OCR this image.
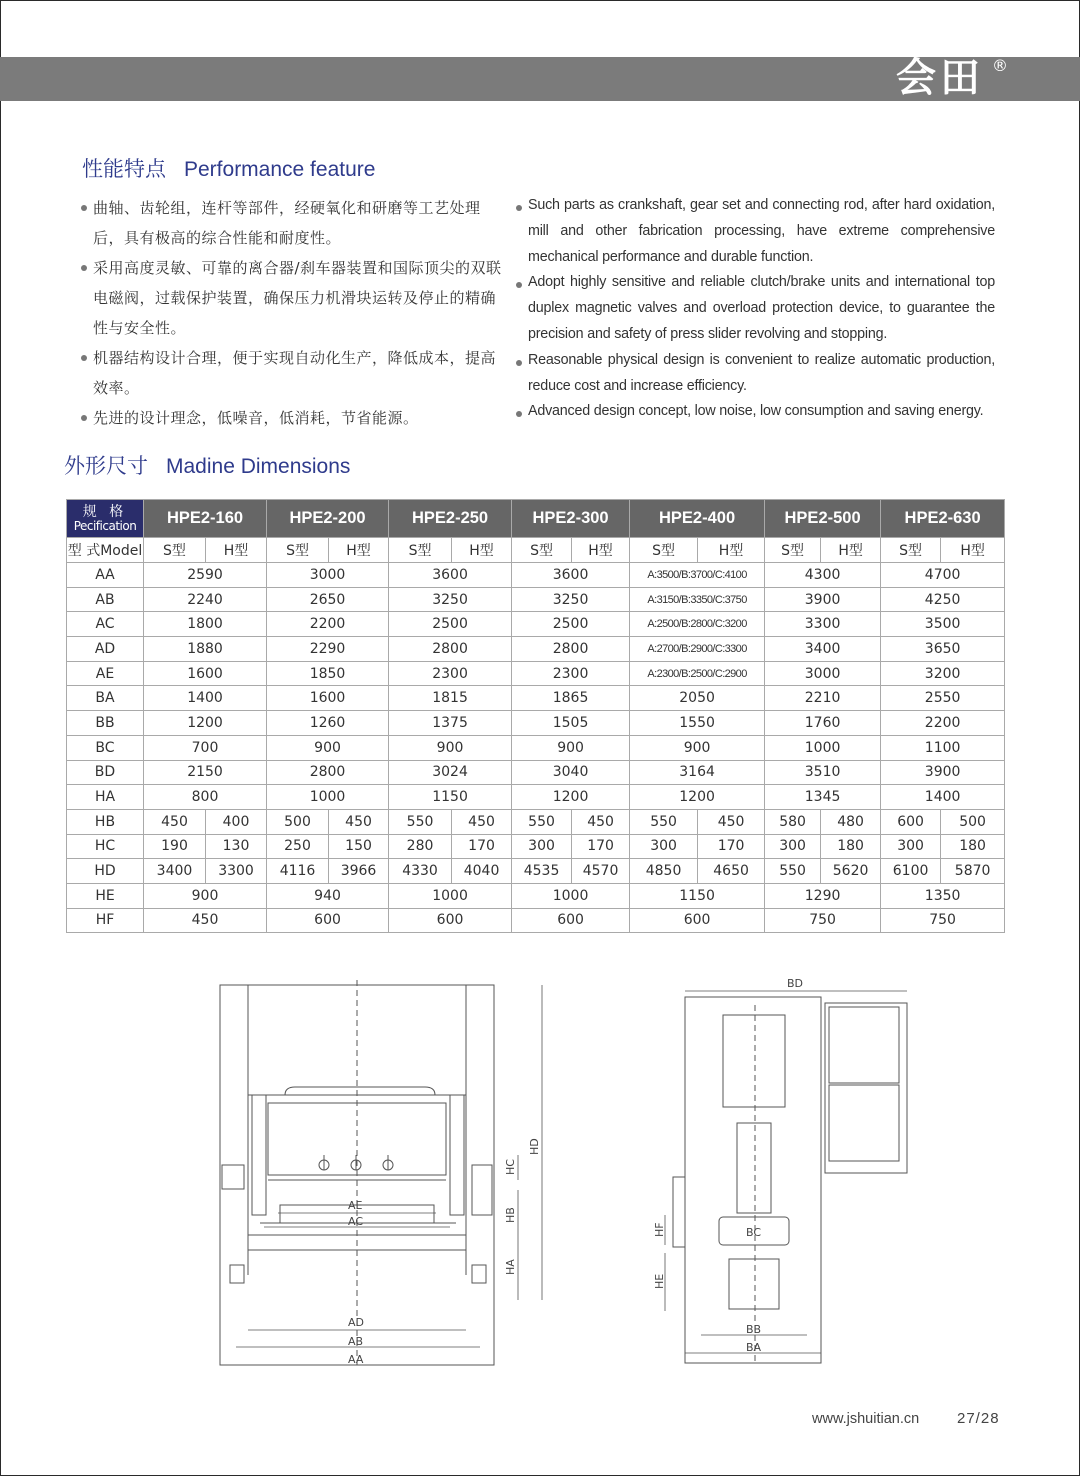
会田 ®
性能特点 Performance feature
曲轴、齿轮组，连杆等部件，经硬氧化和研磨等工艺处理后，具有极高的综合性能和耐度性。
采用高度灵敏、可靠的离合器/刹车器装置和国际顶尖的双联电磁阀，过载保护装置，确保压力机滑块运转及停止的精确性与安全性。
机器结构设计合理，便于实现自动化生产，降低成本，提高效率。
先进的设计理念，低噪音，低消耗，节省能源。
Such parts as crankshaft, gear set and connecting rod, after hard oxidation, mill and other fabrication processing, have extreme comprehensive mechanical performance and durable function.
Adopt highly sensitive and reliable clutch/brake units and international top duplex magnetic valves and overload protection device, to guarantee the precision and safety of press slider revolving and stopping.
Reasonable physical design is convenient to realize automatic production, reduce cost and increase efficiency.
Advanced design concept, low noise, low consumption and saving energy.
外形尺寸 Madine Dimensions
规 格
Pecification	HPE2-160		HPE2-200		HPE2-250		HPE2-300		HPE2-400		HPE2-500		HPE2-630	
型 式Model	S型	H型	S型	H型	S型	H型	S型	H型	S型	H型	S型	H型	S型	H型
AA	2590		3000		3600		3600		A:3500/B:3700/C:4100		4300		4700	
AB	2240		2650		3250		3250		A:3150/B:3350/C:3750		3900		4250	
AC	1800		2200		2500		2500		A:2500/B:2800/C:3200		3300		3500	
AD	1880		2290		2800		2800		A:2700/B:2900/C:3300		3400		3650	
AE	1600		1850		2300		2300		A:2300/B:2500/C:2900		3000		3200	
BA	1400		1600		1815		1865		2050		2210		2550	
BB	1200		1260		1375		1505		1550		1760		2200	
BC	700		900		900		900		900		1000		1100	
BD	2150		2800		3024		3040		3164		3510		3900	
HA	800		1000		1150		1200		1200		1345		1400	
HB	450	400	500	450	550	450	550	450	550	450	580	480	600	500
HC	190	130	250	150	280	170	300	170	300	170	300	180	300	180
HD	3400	3300	4116	3966	4330	4040	4535	4570	4850	4650	550	5620	6100	5870
HE	900		940		1000		1000		1150		1290		1350	
HF	450		600		600		600		600		750		750	
AE
AC
AD
AB
AA
HC
HB
HA
HD
BD
BC
BB
BA
HF
HE
www.jshuitian.cn	27/28
